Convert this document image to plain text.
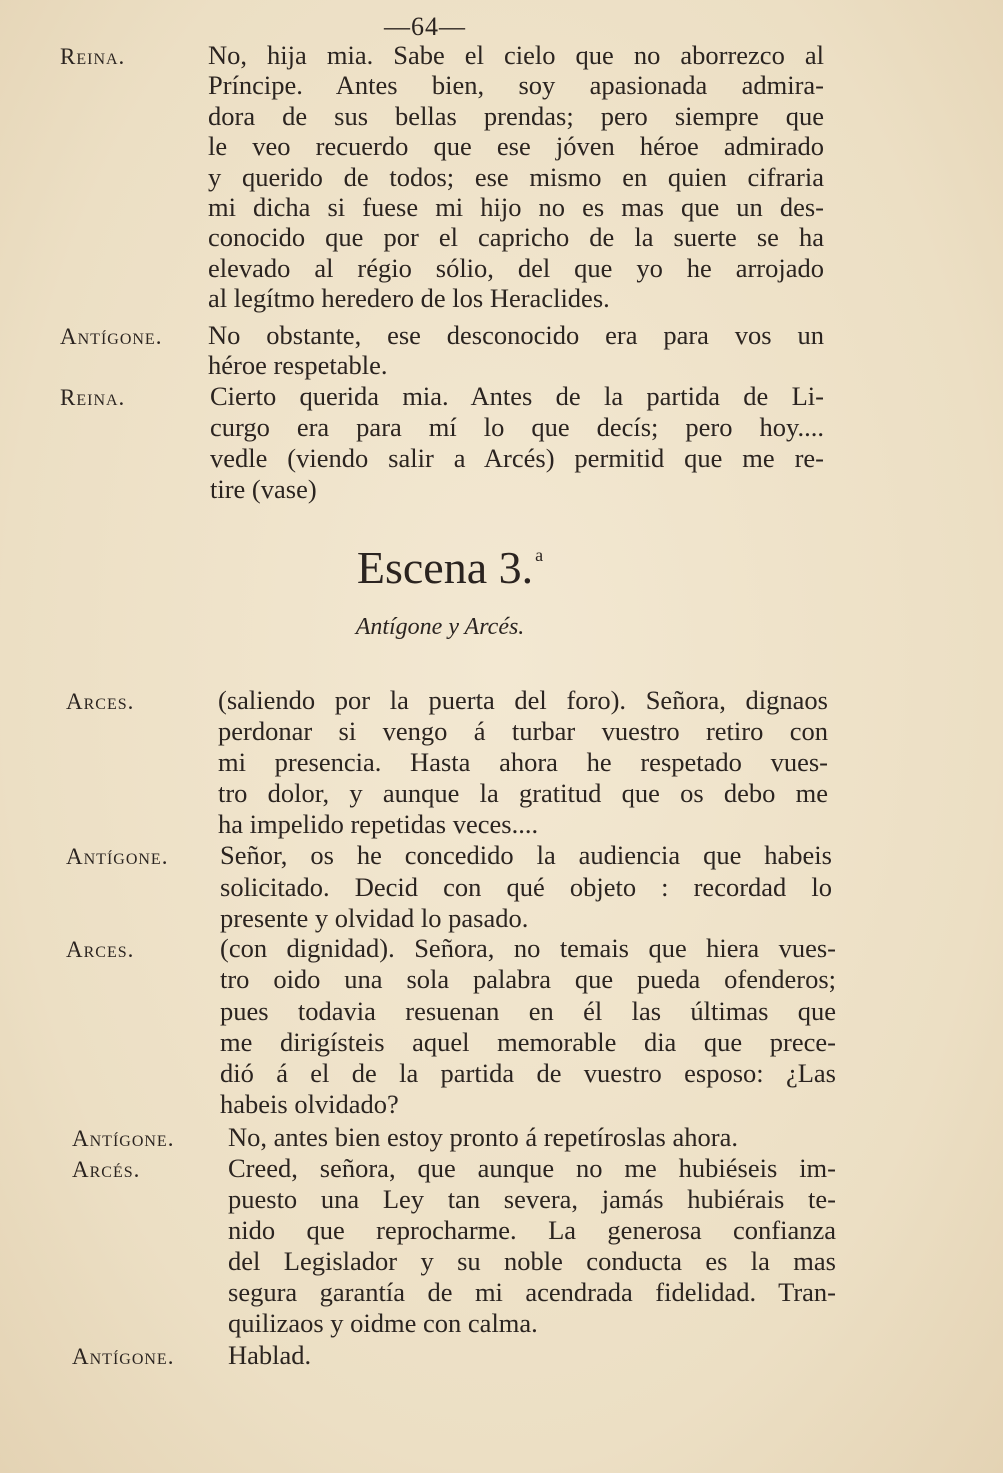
—64—
Escena 3. $^a$
Antígone y Arcés.
Reina.	No, hija mia. Sabe el cielo que no aborrezco al
Príncipe. Antes bien, soy apasionada admira-
dora de sus bellas prendas; pero siempre que
le veo recuerdo que ese jóven héroe admirado
y querido de todos; ese mismo en quien cifraria
mi dicha si fuese mi hijo no es mas que un des-
conocido que por el capricho de la suerte se ha
elevado al régio sólio, del que yo he arrojado
al legítmo heredero de los Heraclides.
Antígone. No obstante, ese desconocido era para vos un
héroe respetable.
Reina.	Cierto querida mia. Antes de la partida de Li-
curgo era para mí lo que decís; pero hoy....
vedle (viendo salir a Arcés) permitid que me re-
tire (vase)
Arces.	(saliendo por la puerta del foro). Señora, dignaos
perdonar si vengo á turbar vuestro retiro con
mi presencia. Hasta ahora he respetado vues-
tro dolor, y aunque la gratitud que os debo me
ha impelido repetidas veces....
Antígone. Señor, os he concedido la audiencia que habeis
solicitado. Decid con qué objeto : recordad lo
presente y olvidad lo pasado.
Arces.	(con dignidad). Señora, no temais que hiera vues-
tro oido una sola palabra que pueda ofenderos;
pues todavia resuenan en él las últimas que
me dirigísteis aquel memorable dia que prece-
dió á el de la partida de vuestro esposo: ¿Las
habeis olvidado?
Antígone. No, antes bien estoy pronto á repetíroslas ahora.
Arcés.	Creed, señora, que aunque no me hubiéseis im-
puesto una Ley tan severa, jamás hubiérais te-
nido que reprocharme. La generosa confianza
del Legislador y su noble conducta es la mas
segura garantía de mi acendrada fidelidad. Tran-
quilizaos y oidme con calma.
Antígone. Hablad.
